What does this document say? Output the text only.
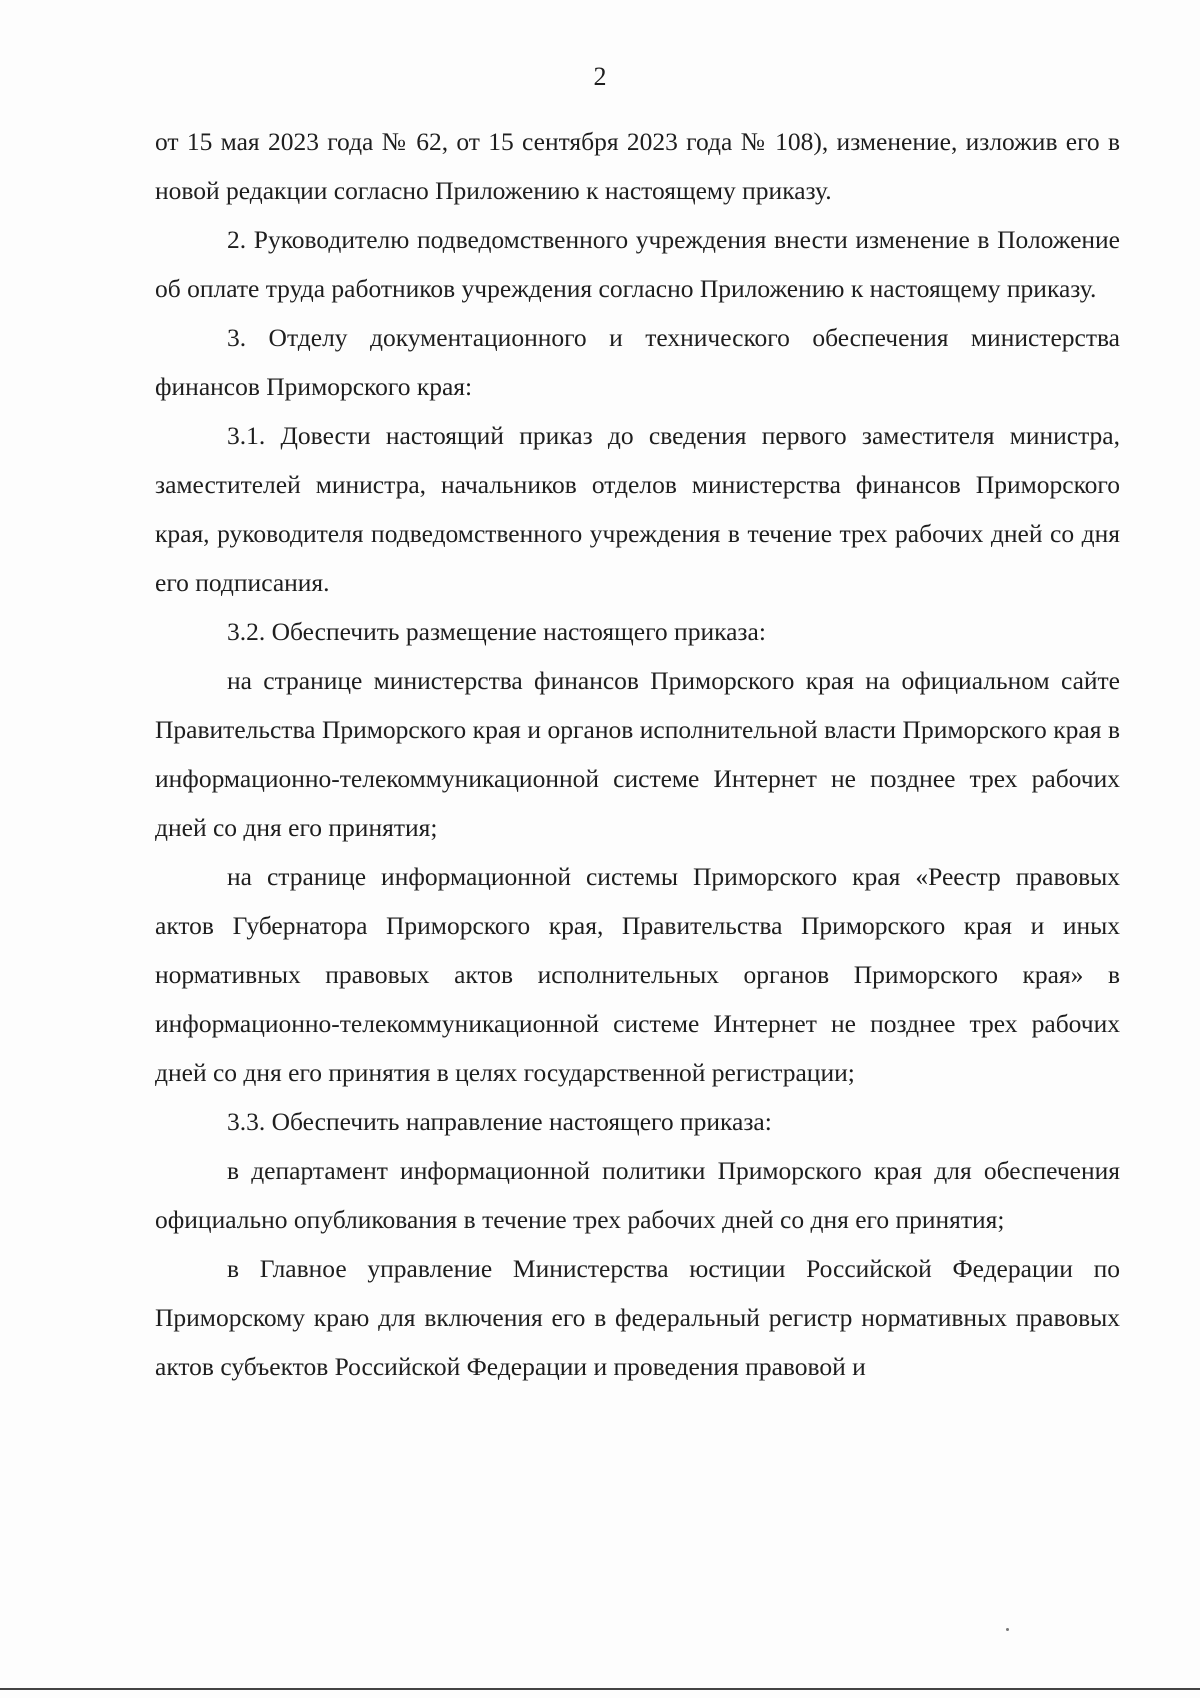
2

от 15 мая 2023 года № 62, от 15 сентября 2023 года № 108), изменение, изложив его в новой редакции согласно Приложению к настоящему приказу.

2. Руководителю подведомственного учреждения внести изменение в Положение об оплате труда работников учреждения согласно Приложению к настоящему приказу.

3. Отделу документационного и технического обеспечения министерства финансов Приморского края:

3.1. Довести настоящий приказ до сведения первого заместителя министра, заместителей министра, начальников отделов министерства финансов Приморского края, руководителя подведомственного учреждения в течение трех рабочих дней со дня его подписания.

3.2. Обеспечить размещение настоящего приказа:

на странице министерства финансов Приморского края на официальном сайте Правительства Приморского края и органов исполнительной власти Приморского края в информационно-телекоммуникационной системе Интернет не позднее трех рабочих дней со дня его принятия;

на странице информационной системы Приморского края «Реестр правовых актов Губернатора Приморского края, Правительства Приморского края и иных нормативных правовых актов исполнительных органов Приморского края» в информационно-телекоммуникационной системе Интернет не позднее трех рабочих дней со дня его принятия в целях государственной регистрации;

3.3. Обеспечить направление настоящего приказа:

в департамент информационной политики Приморского края для обеспечения официально опубликования в течение трех рабочих дней со дня его принятия;

в Главное управление Министерства юстиции Российской Федерации по Приморскому краю для включения его в федеральный регистр нормативных правовых актов субъектов Российской Федерации и проведения правовой и
